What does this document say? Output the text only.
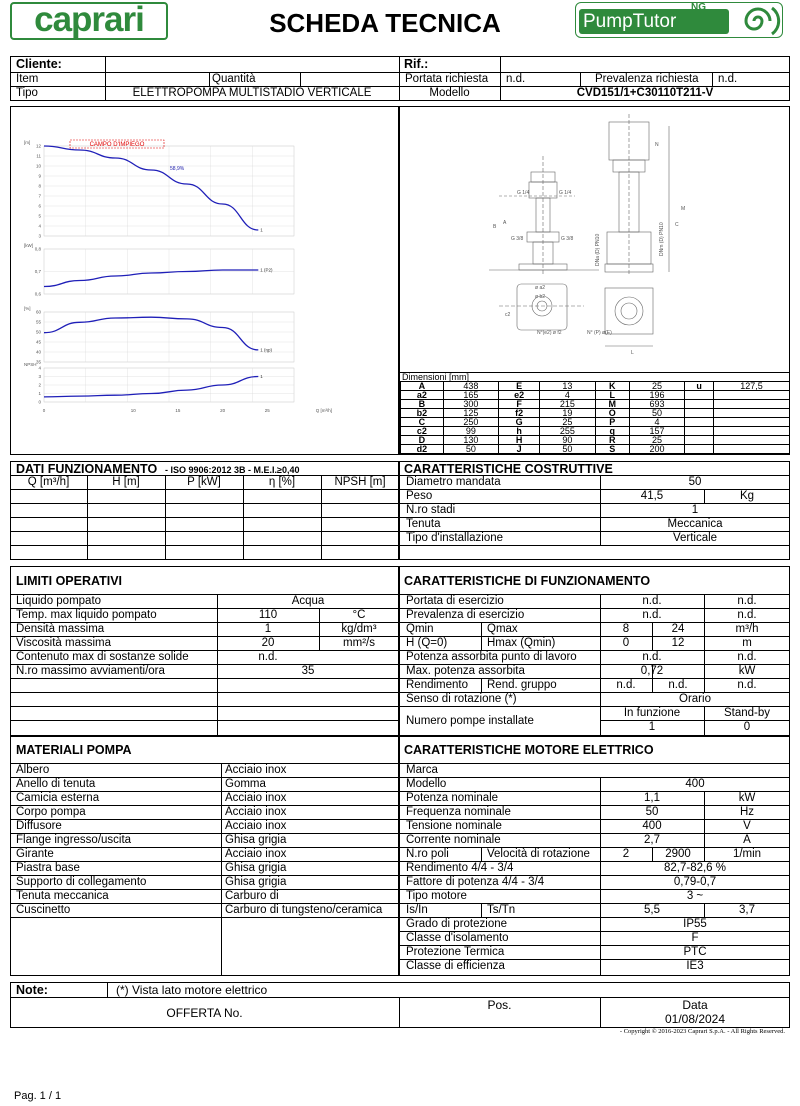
caprari	SCHEDA TECNICA	PumpTutor
NG
Cliente:	Rif.:
Item	Quantità	Portata richiesta n.d.	Prevalenza richiesta n.d.
Tipo	ELETTROPOMPA MULTISTADIO VERTICALE	Modello	CVD151/1+C30110T211-V
CAMPO D'IMPIEGO
58,9%
12
11
10
9
8
7
6
5
4
3
[m]
0,8
0,7
0,6
[kW]
60
55
50
45
40
35
[%]
4
3
2
1
0
NPSH
0	10	15	20	25	Q [m³/h]
1
1 (P2)
1 (ηp)
1
G 1/4	G 1/4
G 3/8	G 3/8	DNa (D) PN10	DNm (D) PN10
ø a2
ø b2
c2
N°(e2) ø f2	N° (P) ø(E)
L
A
B	C
M
N
Dimensioni [mm]
A	438	E	13	K	25	u	127,5
a2	165	e2	4	L	196		
B	300	F	215	M	693		
b2	125	f2	19	O	50		
C	250	G	25	P	4		
c2	99	h	255	q	157		
D	130	H	90	R	25		
d2	50	J	50	S	200		
DATI FUNZIONAMENTO - ISO 9906:2012 3B - M.E.I.≥0,40
Q [m³/h]	H [m]	P [kW]	η [%]	NPSH [m]
CARATTERISTICHE COSTRUTTIVE
Diametro mandata	50
Peso	41,5	Kg
N.ro stadi	1
Tenuta	Meccanica
Tipo d'installazione	Verticale
LIMITI OPERATIVI
Liquido pompato	Acqua
Temp. max liquido pompato	110	°C
Densità massima	1	kg/dm³
Viscosità massima	20	mm²/s
Contenuto max di sostanze solide	n.d.
N.ro massimo avviamenti/ora	35
CARATTERISTICHE DI FUNZIONAMENTO
Portata di esercizio	n.d.	n.d.
Prevalenza di esercizio	n.d.	n.d.
Qmin	Qmax	8	24	m³/h
H (Q=0)	Hmax (Qmin)	0	12	m
Potenza assorbita punto di lavoro	n.d.	n.d.
Max. potenza assorbita	0,72	kW
Rendimento Rend. gruppo	n.d.	n.d.	n.d.
Senso di rotazione (*)	Orario
Numero pompe installate
In funzione	Stand-by
1	0
MATERIALI POMPA
Albero	Acciaio inox
Anello di tenuta	Gomma
Camicia esterna	Acciaio inox
Corpo pompa	Acciaio inox
Diffusore	Acciaio inox
Flange ingresso/uscita	Ghisa grigia
Girante	Acciaio inox
Piastra base	Ghisa grigia
Supporto di collegamento	Ghisa grigia
Tenuta meccanica	Carburo di
Cuscinetto	Carburo di tungsteno/ceramica
CARATTERISTICHE MOTORE ELETTRICO
Marca
Modello	400
Potenza nominale	1,1	kW
Frequenza nominale	50	Hz
Tensione nominale	400	V
Corrente nominale	2,7	A
N.ro poli	Velocità di rotazione	2	2900	1/min
Rendimento 4/4 - 3/4	82,7-82,6 %
Fattore di potenza 4/4 - 3/4	0,79-0,7
Tipo motore	3 ~
Is/In	Ts/Tn	5,5	3,7
Grado di protezione	IP55
Classe d'isolamento	F
Protezione Termica	PTC
Classe di efficienza	IE3
Note:	(*) Vista lato motore elettrico
OFFERTA No.
Pos.	Data
01/08/2024
- Copyright © 2016-2023 Caprari S.p.A. - All Rights Reserved.
Pag. 1 / 1
